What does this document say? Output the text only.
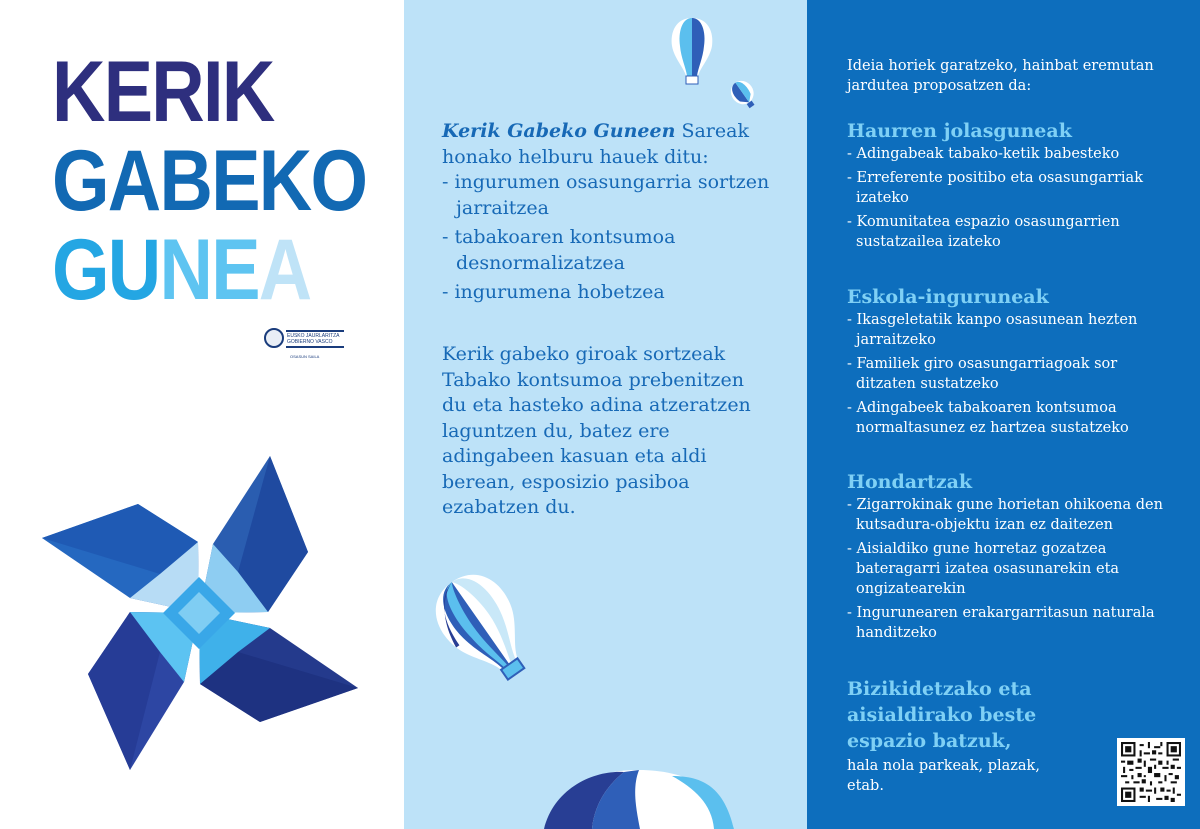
KERIK
GABEKO
GUNEA
EUSKO JAURLARITZA
GOBIERNO VASCO
OSASUN SAILA

Kerik Gabeko Guneen Sareak honako helburu hauek ditu:

- ingurumen osasungarria sortzen jarraitzea
- tabakoaren kontsumoa desnormalizatzea
- ingurumena hobetzea

Kerik gabeko giroak sortzeak Tabako kontsumoa prebenitzen du eta hasteko adina atzeratzen laguntzen du, batez ere adingabeen kasuan eta aldi berean, esposizio pasiboa ezabatzen du.

Ideia horiek garatzeko, hainbat eremutan jardutea proposatzen da:

Haurren jolasguneak
- Adingabeak tabako-ketik babesteko
- Erreferente positibo eta osasungarriak izateko
- Komunitatea espazio osasungarrien sustatzailea izateko
Eskola-inguruneak
- Ikasgeletatik kanpo osasunean hezten jarraitzeko
- Familiek giro osasungarriagoak sor ditzaten sustatzeko
- Adingabeek tabakoaren kontsumoa normaltasunez ez hartzea sustatzeko
Hondartzak
- Zigarrokinak gune horietan ohikoena den kutsadura-objektu izan ez daitezen
- Aisialdiko gune horretaz gozatzea bateragarri izatea osasunarekin eta ongizatearekin
- Ingurunearen erakargarritasun naturala handitzeko
Bizikidetzako eta aisialdirako beste espazio batzuk,

hala nola parkeak, plazak, etab.
